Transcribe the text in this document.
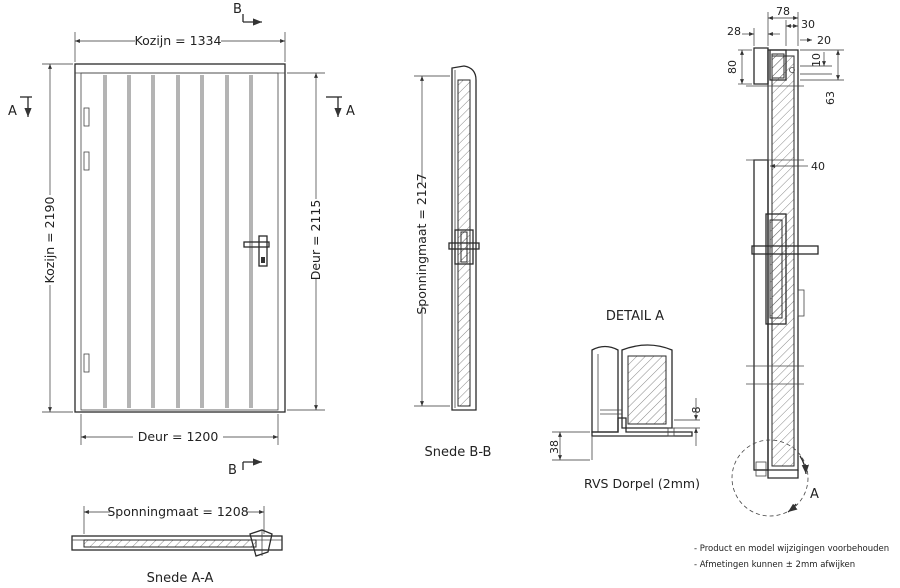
Kozijn = 1334
Kozijn = 2190	Deur = 2115
Deur = 1200
B
B
A	A
Sponningmaat = 2127
Snede B-B
Sponningmaat = 1208
Snede A-A
DETAIL A
8
38
RVS Dorpel (2mm)
A
78
28
30
20
80	10
63
40
- Product en model wijzigingen voorbehouden
- Afmetingen kunnen ± 2mm afwijken
